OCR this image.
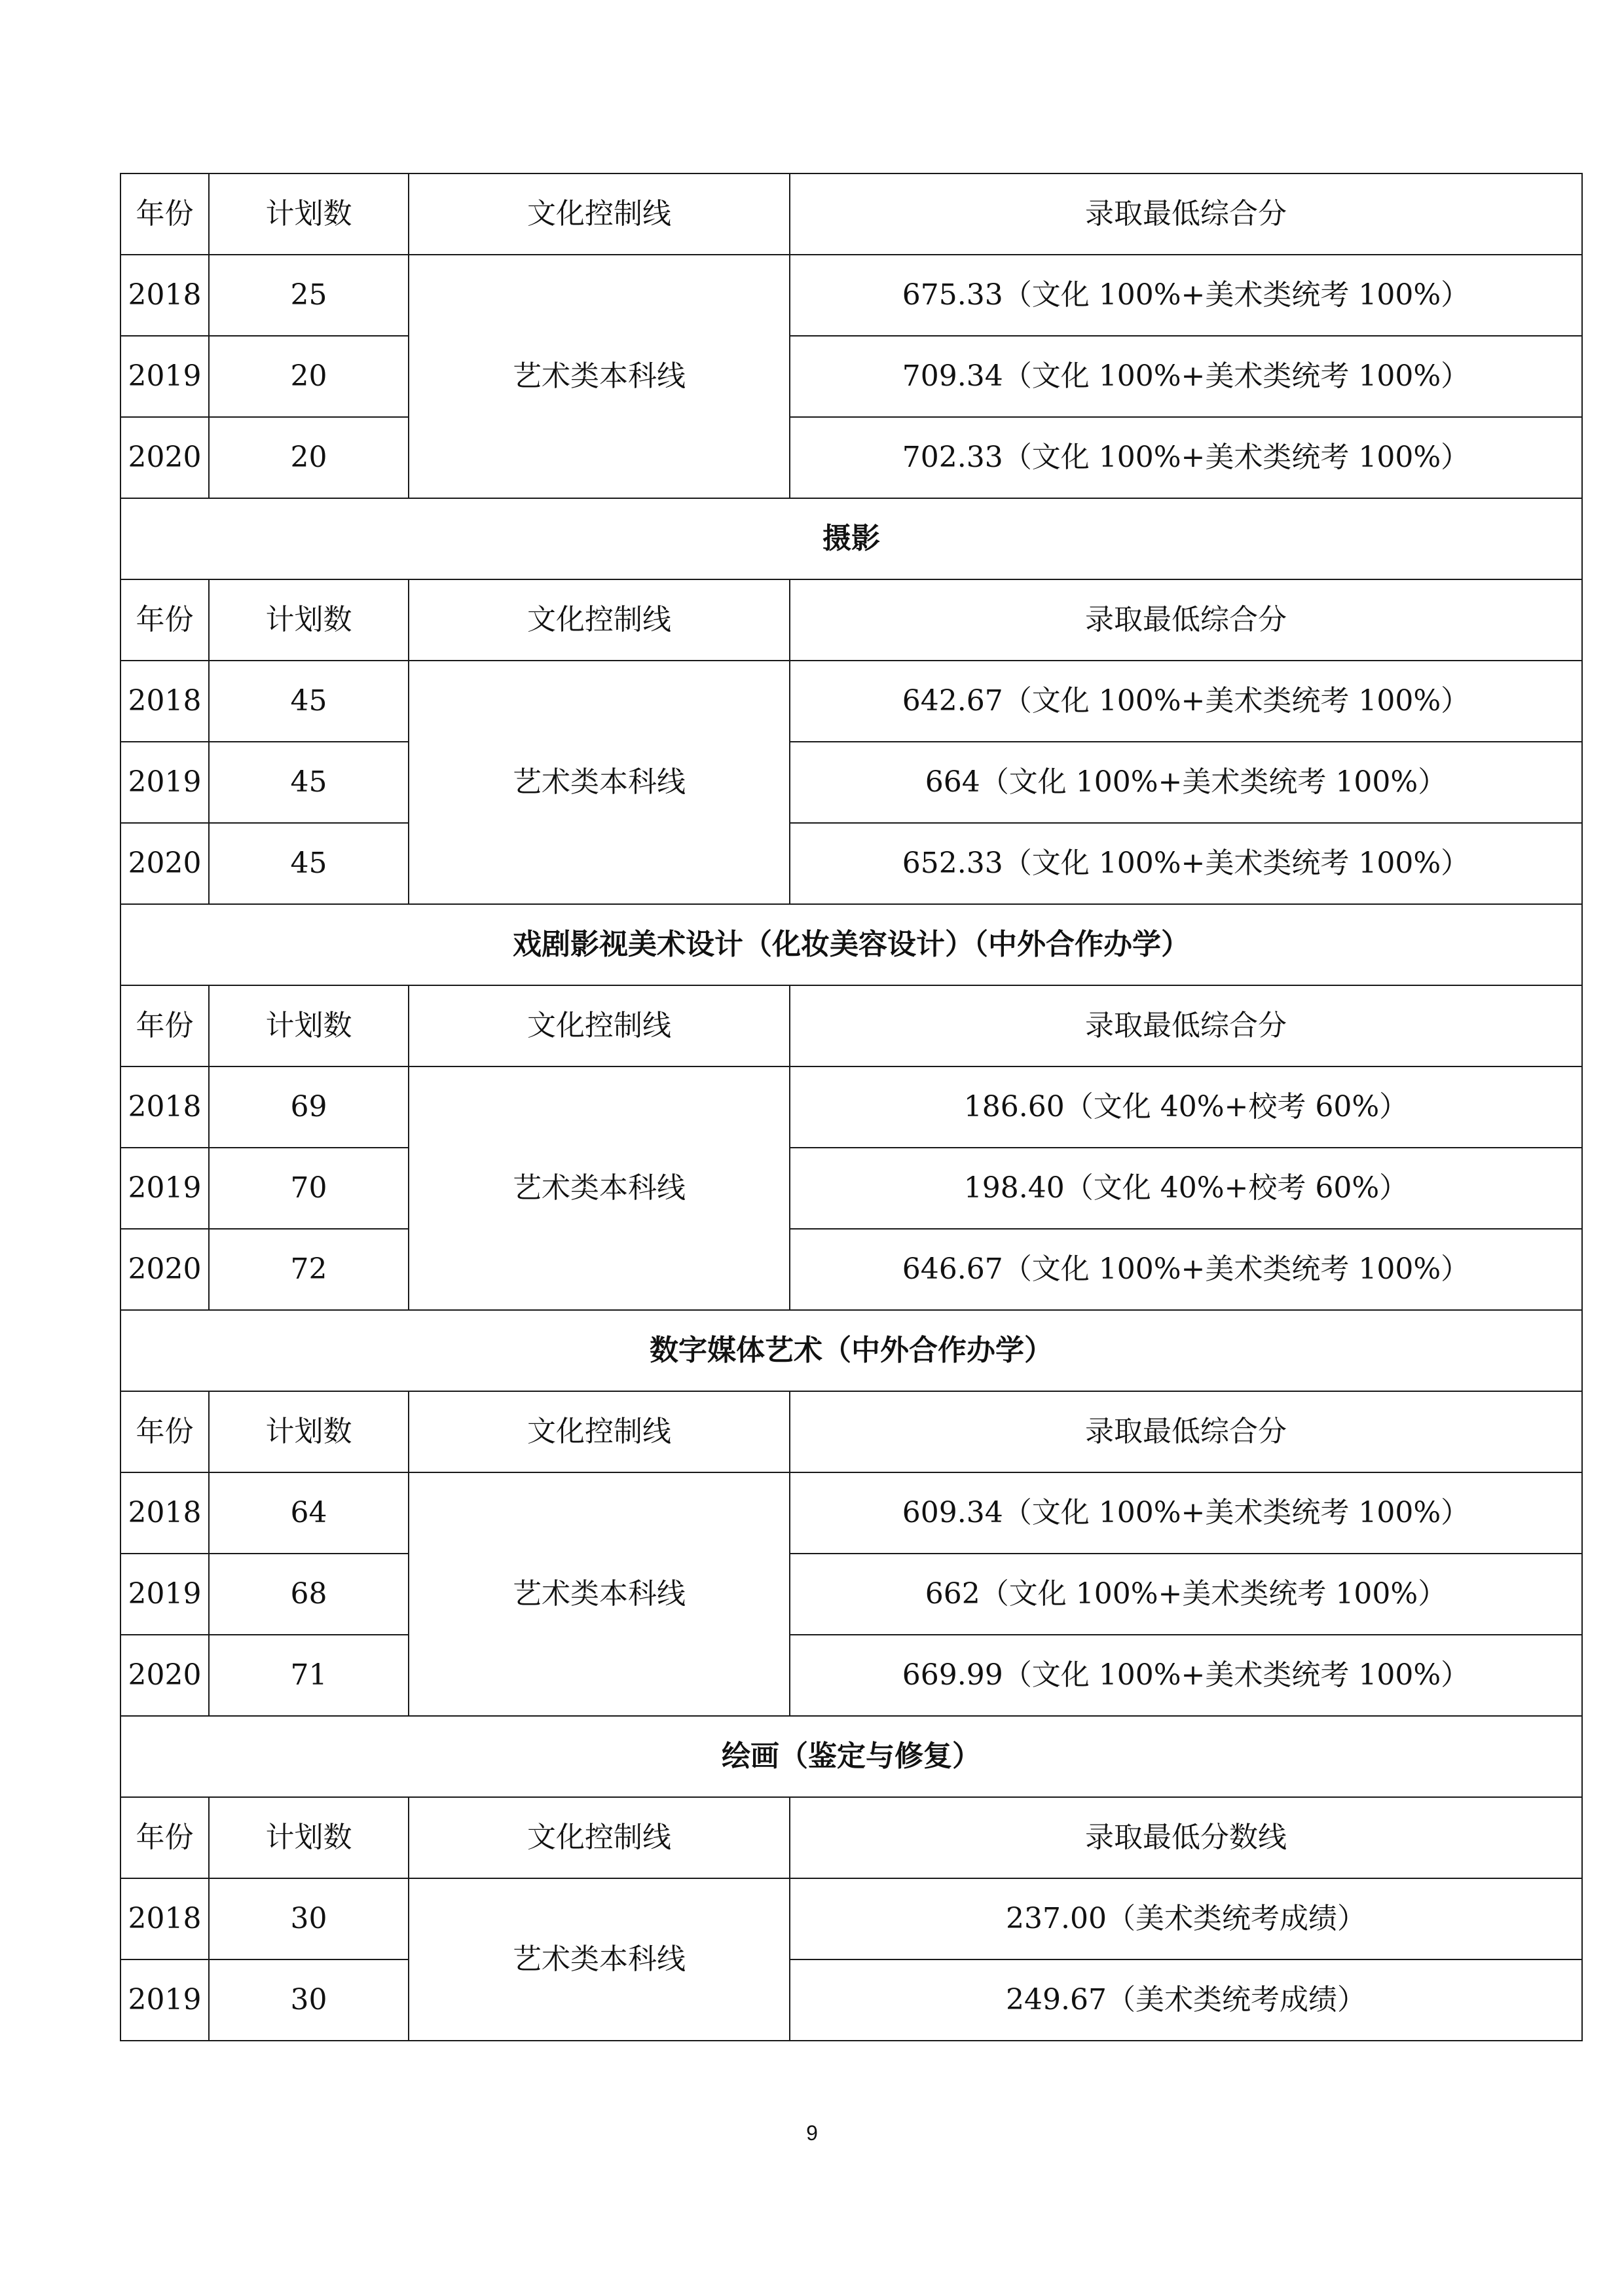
年份	计划数	文化控制线	录取最低综合分
2018	25	艺术类本科线	675.33（文化 100%+美术类统考 100%）
2019	20		709.34（文化 100%+美术类统考 100%）
2020	20		702.33（文化 100%+美术类统考 100%）
摄影			
年份	计划数	文化控制线	录取最低综合分
2018	45	艺术类本科线	642.67（文化 100%+美术类统考 100%）
2019	45		664（文化 100%+美术类统考 100%）
2020	45		652.33（文化 100%+美术类统考 100%）
戏剧影视美术设计（化妆美容设计）（中外合作办学）			
年份	计划数	文化控制线	录取最低综合分
2018	69	艺术类本科线	186.60（文化 40%+校考 60%）
2019	70		198.40（文化 40%+校考 60%）
2020	72		646.67（文化 100%+美术类统考 100%）
数字媒体艺术（中外合作办学）			
年份	计划数	文化控制线	录取最低综合分
2018	64	艺术类本科线	609.34（文化 100%+美术类统考 100%）
2019	68		662（文化 100%+美术类统考 100%）
2020	71		669.99（文化 100%+美术类统考 100%）
绘画（鉴定与修复）			
年份	计划数	文化控制线	录取最低分数线
2018	30	艺术类本科线	237.00（美术类统考成绩）
2019	30		249.67（美术类统考成绩）
9
